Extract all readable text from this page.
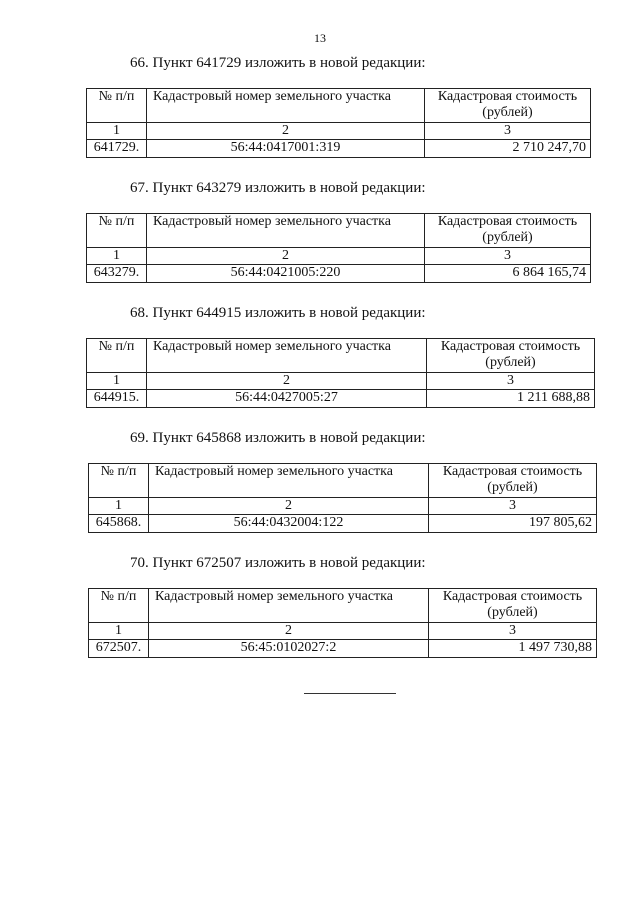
13
66. Пункт 641729 изложить в новой редакции:
№ п/п	Кадастровый номер земельного участка	Кадастровая стоимость (рублей)
1	2	3
641729.	56:44:0417001:319	2 710 247,70
67. Пункт 643279 изложить в новой редакции:
№ п/п	Кадастровый номер земельного участка	Кадастровая стоимость (рублей)
1	2	3
643279.	56:44:0421005:220	6 864 165,74
68. Пункт 644915 изложить в новой редакции:
№ п/п	Кадастровый номер земельного участка	Кадастровая стоимость (рублей)
1	2	3
644915.	56:44:0427005:27	1 211 688,88
69. Пункт 645868 изложить в новой редакции:
№ п/п	Кадастровый номер земельного участка	Кадастровая стоимость (рублей)
1	2	3
645868.	56:44:0432004:122	197 805,62
70. Пункт 672507 изложить в новой редакции:
№ п/п	Кадастровый номер земельного участка	Кадастровая стоимость (рублей)
1	2	3
672507.	56:45:0102027:2	1 497 730,88
